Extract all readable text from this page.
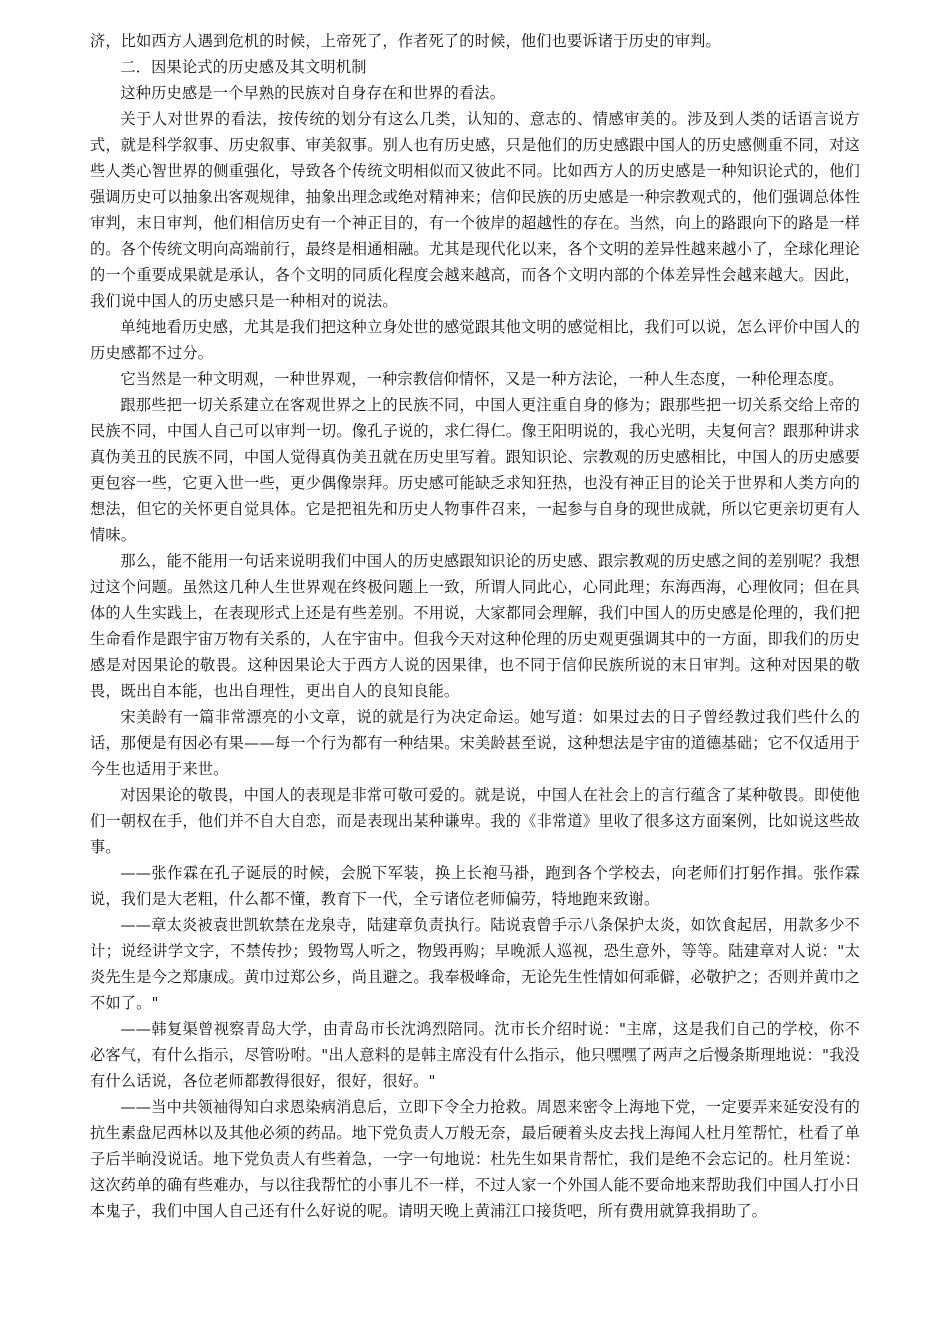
济，比如西方人遇到危机的时候，上帝死了，作者死了的时候，他们也要诉诸于历史的审判。

二．因果论式的历史感及其文明机制

这种历史感是一个早熟的民族对自身存在和世界的看法。

关于人对世界的看法，按传统的划分有这么几类，认知的、意志的、情感审美的。涉及到人类的话语言说方式，就是科学叙事、历史叙事、审美叙事。别人也有历史感，只是他们的历史感跟中国人的历史感侧重不同，对这些人类心智世界的侧重强化，导致各个传统文明相似而又彼此不同。比如西方人的历史感是一种知识论式的，他们强调历史可以抽象出客观规律，抽象出理念或绝对精神来；信仰民族的历史感是一种宗教观式的，他们强调总体性审判，末日审判，他们相信历史有一个神正目的，有一个彼岸的超越性的存在。当然，向上的路跟向下的路是一样的。各个传统文明向高端前行，最终是相通相融。尤其是现代化以来，各个文明的差异性越来越小了，全球化理论的一个重要成果就是承认，各个文明的同质化程度会越来越高，而各个文明内部的个体差异性会越来越大。因此，我们说中国人的历史感只是一种相对的说法。

单纯地看历史感，尤其是我们把这种立身处世的感觉跟其他文明的感觉相比，我们可以说，怎么评价中国人的历史感都不过分。

它当然是一种文明观，一种世界观，一种宗教信仰情怀，又是一种方法论，一种人生态度，一种伦理态度。

跟那些把一切关系建立在客观世界之上的民族不同，中国人更注重自身的修为；跟那些把一切关系交给上帝的民族不同，中国人自己可以审判一切。像孔子说的，求仁得仁。像王阳明说的，我心光明，夫复何言？跟那种讲求真伪美丑的民族不同，中国人觉得真伪美丑就在历史里写着。跟知识论、宗教观的历史感相比，中国人的历史感要更包容一些，它更入世一些，更少偶像崇拜。历史感可能缺乏求知狂热，也没有神正目的论关于世界和人类方向的想法，但它的关怀更自觉具体。它是把祖先和历史人物事件召来，一起参与自身的现世成就，所以它更亲切更有人情味。

那么，能不能用一句话来说明我们中国人的历史感跟知识论的历史感、跟宗教观的历史感之间的差别呢？我想过这个问题。虽然这几种人生世界观在终极问题上一致，所谓人同此心，心同此理；东海西海，心理攸同；但在具体的人生实践上，在表现形式上还是有些差别。不用说，大家都同会理解，我们中国人的历史感是伦理的，我们把生命看作是跟宇宙万物有关系的，人在宇宙中。但我今天对这种伦理的历史观更强调其中的一方面，即我们的历史感是对因果论的敬畏。这种因果论大于西方人说的因果律，也不同于信仰民族所说的末日审判。这种对因果的敬畏，既出自本能，也出自理性，更出自人的良知良能。

宋美龄有一篇非常漂亮的小文章，说的就是行为决定命运。她写道：如果过去的日子曾经教过我们些什么的话，那便是有因必有果——每一个行为都有一种结果。宋美龄甚至说，这种想法是宇宙的道德基础；它不仅适用于今生也适用于来世。

对因果论的敬畏，中国人的表现是非常可敬可爱的。就是说，中国人在社会上的言行蕴含了某种敬畏。即使他们一朝权在手，他们并不自大自恋，而是表现出某种谦卑。我的《非常道》里收了很多这方面案例，比如说这些故事。

——张作霖在孔子诞辰的时候，会脱下军装，换上长袍马褂，跑到各个学校去，向老师们打躬作揖。张作霖说，我们是大老粗，什么都不懂，教育下一代，全亏诸位老师偏劳，特地跑来致谢。

——章太炎被袁世凯软禁在龙泉寺，陆建章负责执行。陆说袁曾手示八条保护太炎，如饮食起居，用款多少不计；说经讲学文字，不禁传抄；毁物骂人听之，物毁再购；早晚派人巡视，恐生意外，等等。陆建章对人说："太炎先生是今之郑康成。黄巾过郑公乡，尚且避之。我奉极峰命，无论先生性情如何乖僻，必敬护之；否则并黄巾之不如了。"

——韩复渠曾视察青岛大学，由青岛市长沈鸿烈陪同。沈市长介绍时说："主席，这是我们自己的学校，你不必客气，有什么指示，尽管吩咐。"出人意料的是韩主席没有什么指示，他只嘿嘿了两声之后慢条斯理地说："我没有什么话说，各位老师都教得很好，很好，很好。"

——当中共领袖得知白求恩染病消息后，立即下令全力抢救。周恩来密令上海地下党，一定要弄来延安没有的抗生素盘尼西林以及其他必须的药品。地下党负责人万般无奈，最后硬着头皮去找上海闻人杜月笙帮忙，杜看了单子后半晌没说话。地下党负责人有些着急，一字一句地说：杜先生如果肯帮忙，我们是绝不会忘记的。杜月笙说：这次药单的确有些难办，与以往我帮忙的小事儿不一样，不过人家一个外国人能不要命地来帮助我们中国人打小日本鬼子，我们中国人自己还有什么好说的呢。请明天晚上黄浦江口接货吧，所有费用就算我捐助了。
